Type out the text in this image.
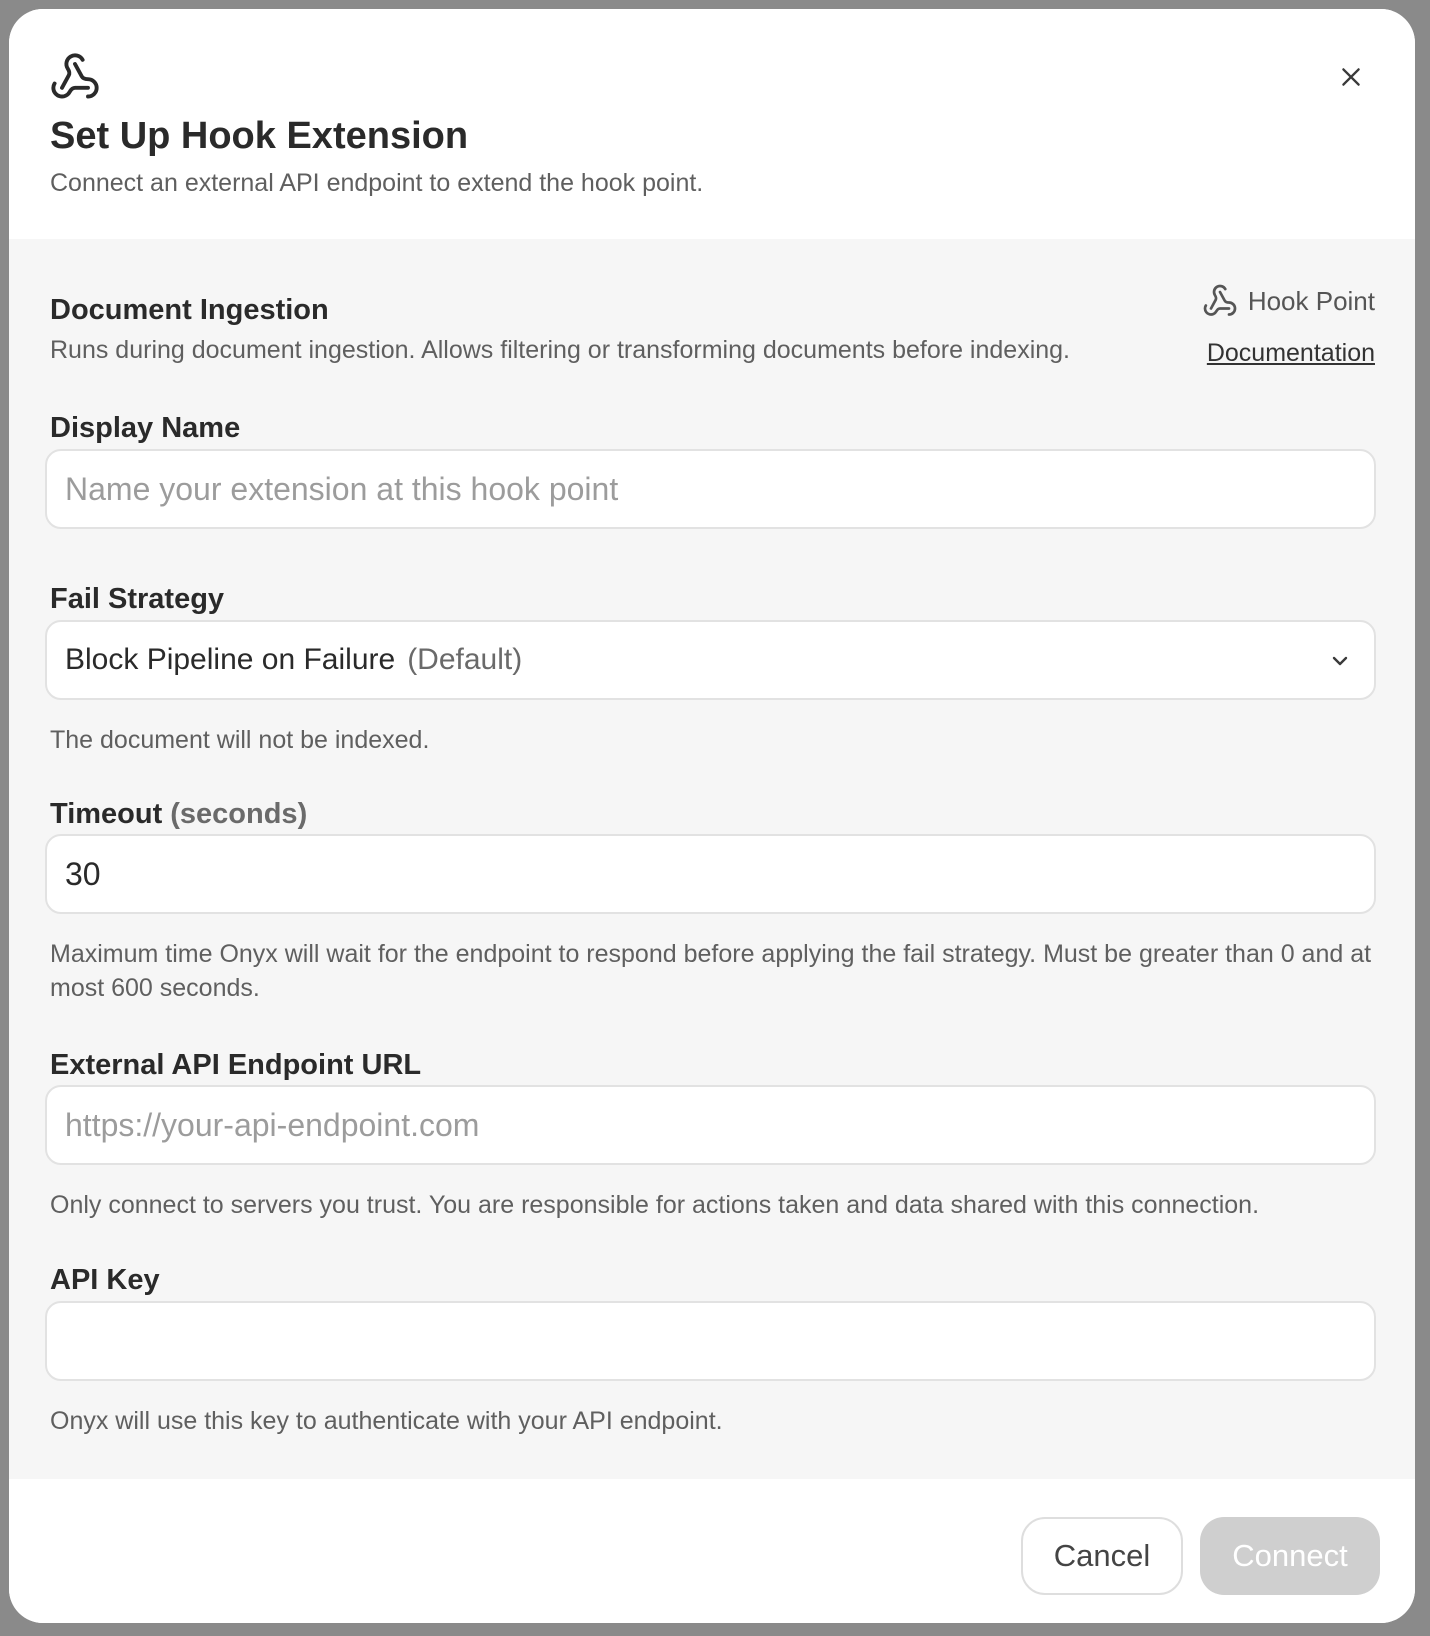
Set Up Hook Extension
Connect an external API endpoint to extend the hook point.
Document Ingestion
Runs during document ingestion. Allows filtering or transforming documents before indexing.
Hook Point
Documentation
Display Name
Name your extension at this hook point
Fail Strategy
Block Pipeline on Failure (Default)
The document will not be indexed.
Timeout (seconds)
30
Maximum time Onyx will wait for the endpoint to respond before applying the fail strategy. Must be greater than 0 and at most 600 seconds.
External API Endpoint URL
https://your-api-endpoint.com
Only connect to servers you trust. You are responsible for actions taken and data shared with this connection.
API Key
Onyx will use this key to authenticate with your API endpoint.
Cancel	Connect
